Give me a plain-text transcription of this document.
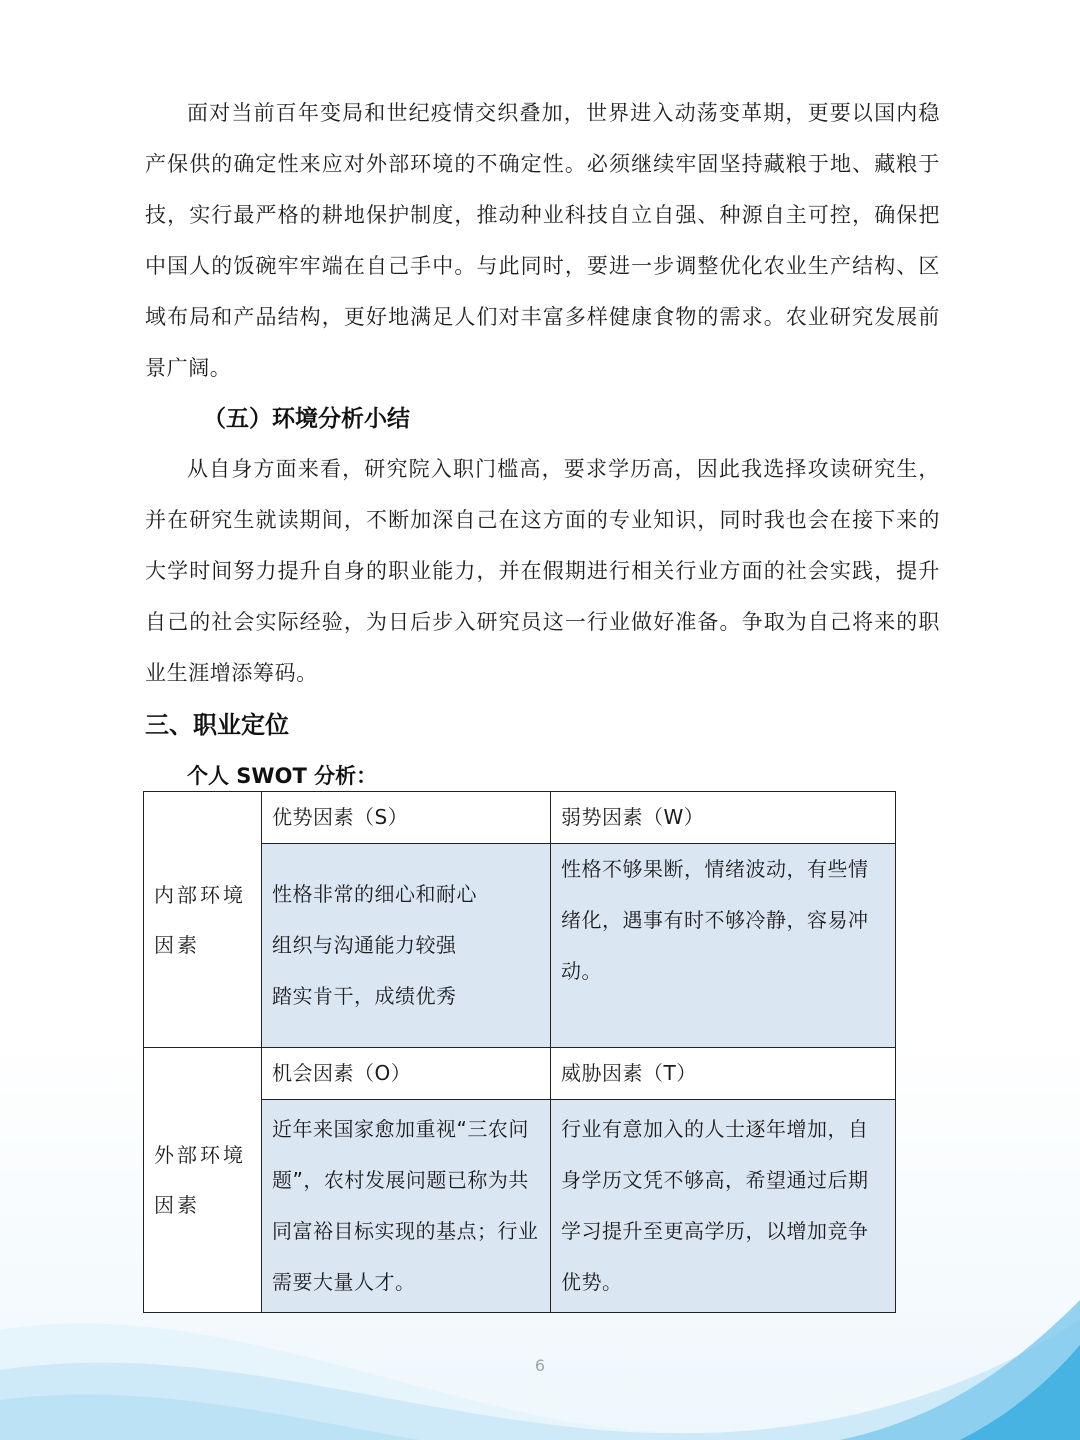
面对当前百年变局和世纪疫情交织叠加，世界进入动荡变革期，更要以国内稳产保供的确定性来应对外部环境的不确定性。必须继续牢固坚持藏粮于地、藏粮于技，实行最严格的耕地保护制度，推动种业科技自立自强、种源自主可控，确保把中国人的饭碗牢牢端在自己手中。与此同时，要进一步调整优化农业生产结构、区域布局和产品结构，更好地满足人们对丰富多样健康食物的需求。农业研究发展前景广阔。

（五）环境分析小结

从自身方面来看，研究院入职门槛高，要求学历高，因此我选择攻读研究生，并在研究生就读期间，不断加深自己在这方面的专业知识，同时我也会在接下来的大学时间努力提升自身的职业能力，并在假期进行相关行业方面的社会实践，提升自己的社会实际经验，为日后步入研究员这一行业做好准备。争取为自己将来的职业生涯增添筹码。

三、职业定位

个人 SWOT 分析：

内部环境因素	优势因素（S）	弱势因素（W）

	性格非常的细心和耐心
组织与沟通能力较强
踏实肯干，成绩优秀	性格不够果断，情绪波动，有些情绪化，遇事有时不够冷静，容易冲动。
外部环境因素	机会因素（O）	威胁因素（T）
	近年来国家愈加重视“三农问题”，农村发展问题已称为共同富裕目标实现的基点；行业需要大量人才。	行业有意加入的人士逐年增加，自身学历文凭不够高，希望通过后期学习提升至更高学历，以增加竞争优势。
6
